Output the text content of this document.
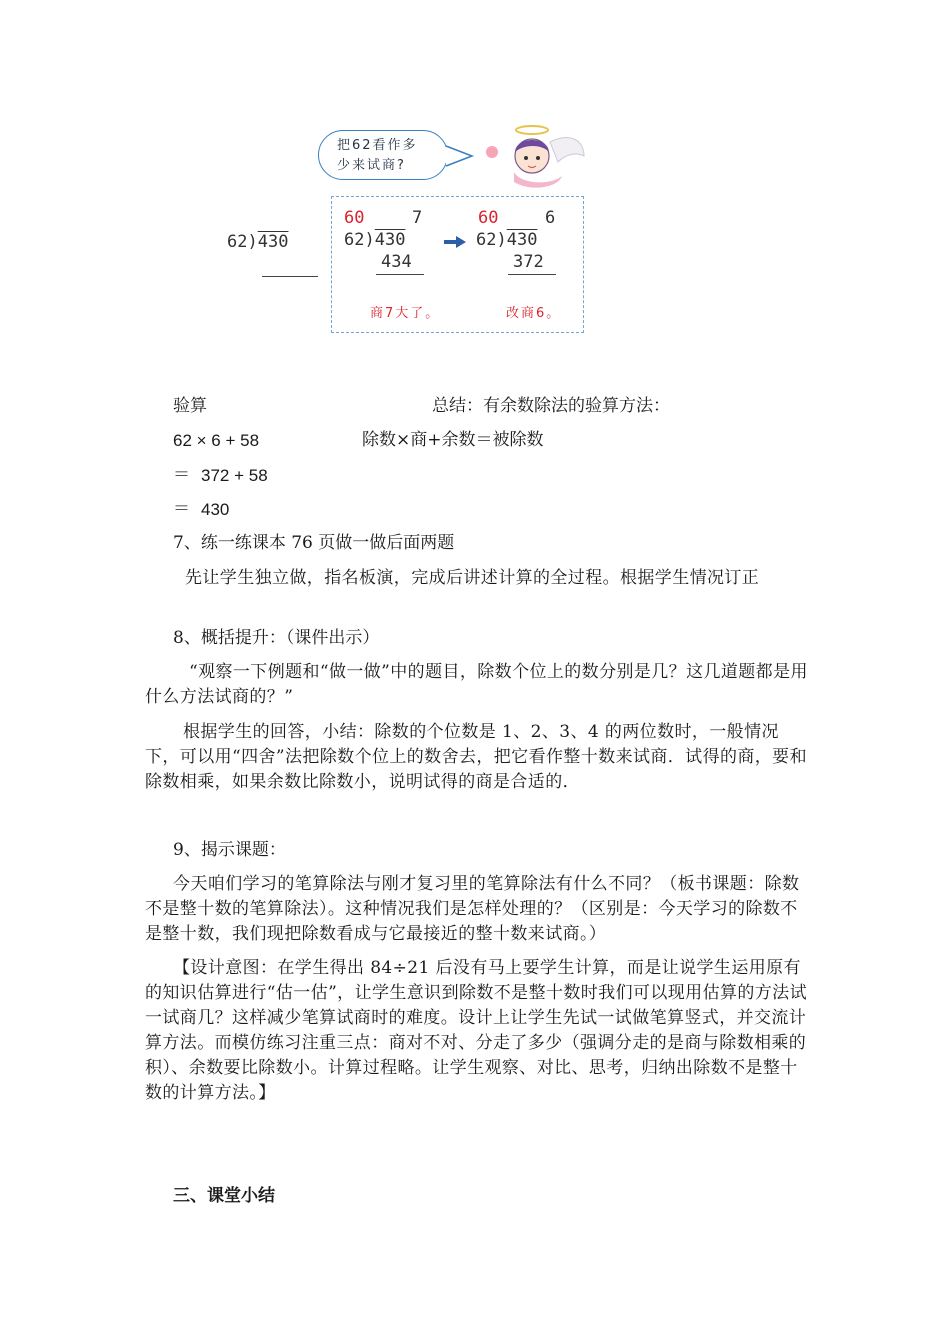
把62看作多
少来试商?
62)430
60	7
62)430
434
商7大了。
60	6
62)430
372
改商6。
验算	总结：有余数除法的验算方法：
62 × 6 + 58	除数×商+余数＝被除数
＝ 372 + 58
＝ 430
7、练一练课本 76 页做一做后面两题
先让学生独立做，指名板演，完成后讲述计算的全过程。根据学生情况订正
8、概括提升：（课件出示）
“观察一下例题和“做一做”中的题目，除数个位上的数分别是几？这几道题都是用什么方法试商的？”
根据学生的回答，小结：除数的个位数是 1、2、3、4 的两位数时，一般情况下，可以用“四舍”法把除数个位上的数舍去，把它看作整十数来试商．试得的商，要和除数相乘，如果余数比除数小，说明试得的商是合适的．
9、揭示课题：
今天咱们学习的笔算除法与刚才复习里的笔算除法有什么不同？（板书课题：除数不是整十数的笔算除法）。这种情况我们是怎样处理的？（区别是：今天学习的除数不是整十数，我们现把除数看成与它最接近的整十数来试商。）
【设计意图：在学生得出 84÷21 后没有马上要学生计算，而是让说学生运用原有的知识估算进行“估一估”，让学生意识到除数不是整十数时我们可以现用估算的方法试一试商几？这样减少笔算试商时的难度。设计上让学生先试一试做笔算竖式，并交流计算方法。而模仿练习注重三点：商对不对、分走了多少（强调分走的是商与除数相乘的积）、余数要比除数小。计算过程略。让学生观察、对比、思考，归纳出除数不是整十数的计算方法。】
三、课堂小结
